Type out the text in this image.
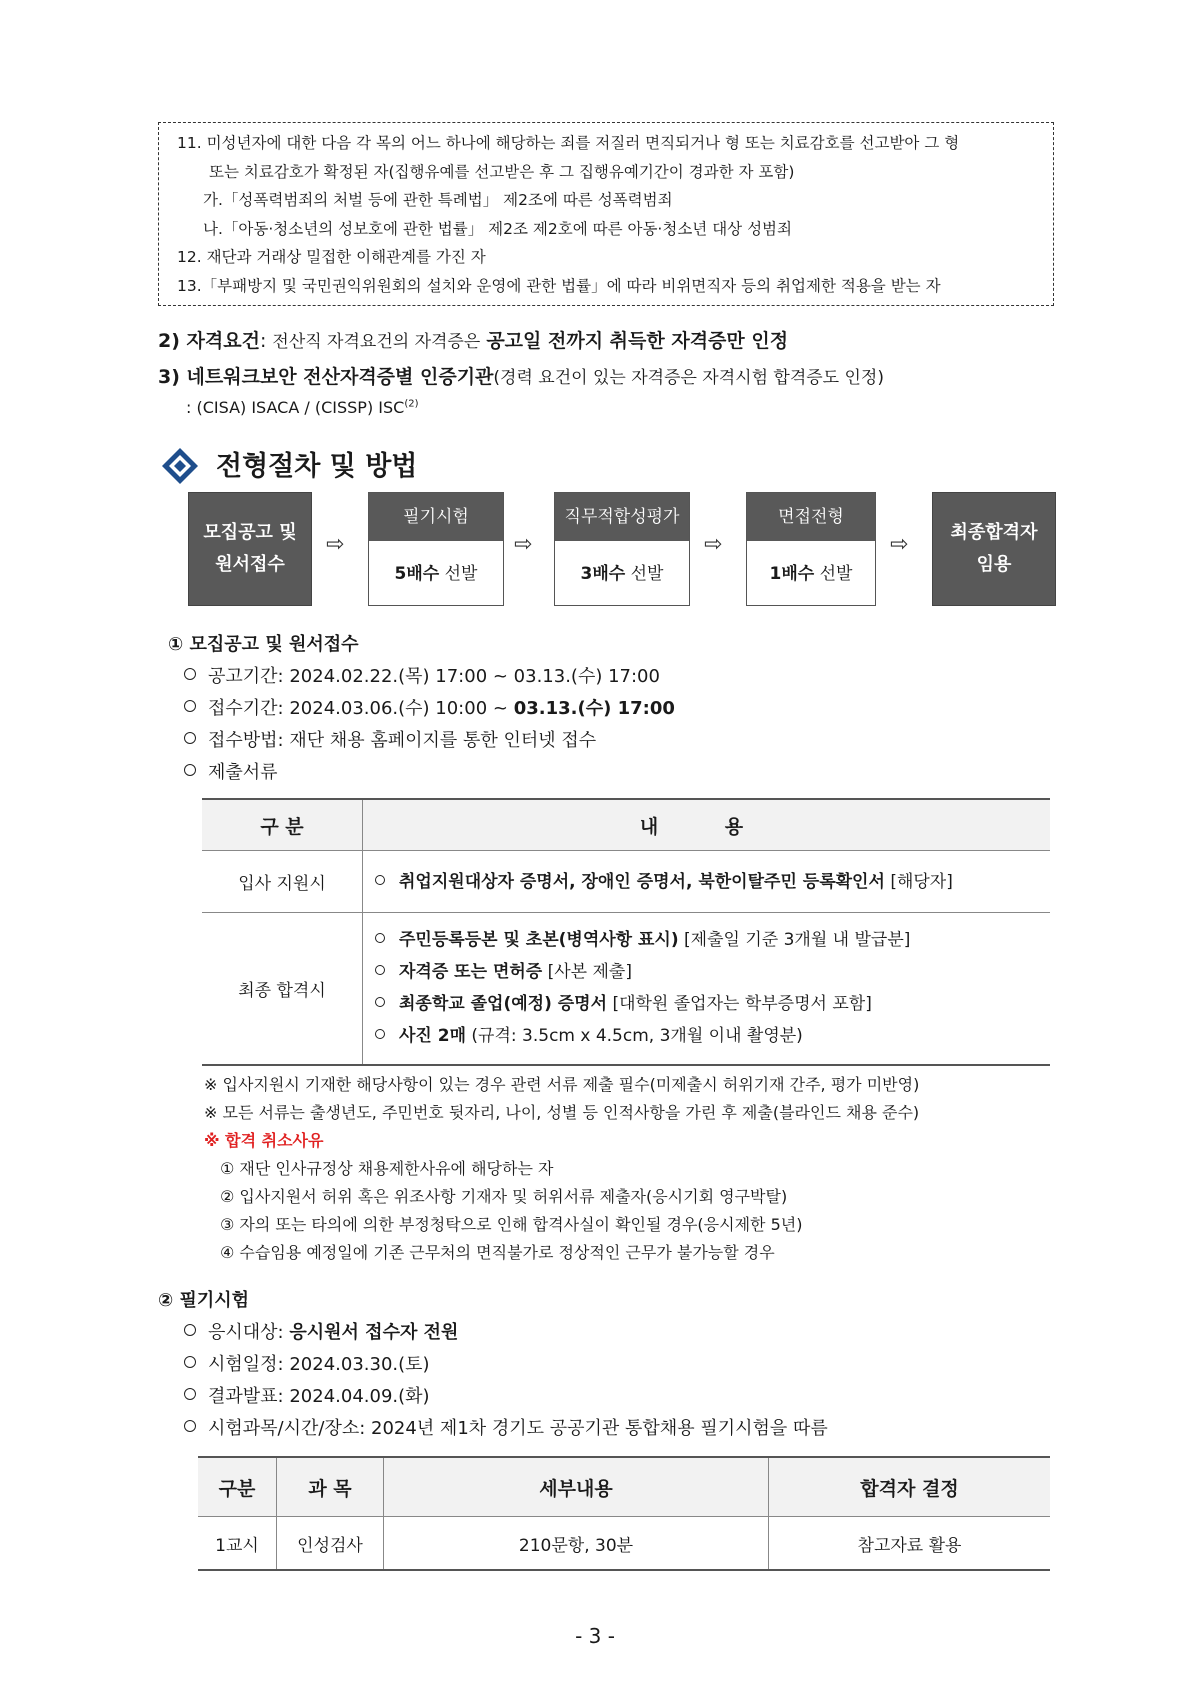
11. 미성년자에 대한 다음 각 목의 어느 하나에 해당하는 죄를 저질러 면직되거나 형 또는 치료감호를 선고받아 그 형
또는 치료감호가 확정된 자(집행유예를 선고받은 후 그 집행유예기간이 경과한 자 포함)
가.「성폭력범죄의 처벌 등에 관한 특례법」 제2조에 따른 성폭력범죄
나.「아동·청소년의 성보호에 관한 법률」 제2조 제2호에 따른 아동·청소년 대상 성범죄
12. 재단과 거래상 밀접한 이해관계를 가진 자
13.「부패방지 및 국민권익위원회의 설치와 운영에 관한 법률」에 따라 비위면직자 등의 취업제한 적용을 받는 자
2) 자격요건: 전산직 자격요건의 자격증은 공고일 전까지 취득한 자격증만 인정
3) 네트워크보안 전산자격증별 인증기관(경력 요건이 있는 자격증은 자격시험 합격증도 인정)
: (CISA) ISACA / (CISSP) ISC$^{(2)}$
전형절차 및 방법
모집공고 및
원서접수
⇨
필기시험
5배수 선발
⇨
직무적합성평가
3배수 선발
⇨
면접전형
1배수 선발
⇨	최종합격자
임용
① 모집공고 및 원서접수
공고기간: 2024.02.22.(목) 17:00 ~ 03.13.(수) 17:00
접수기간: 2024.03.06.(수) 10:00 ~ 03.13.(수) 17:00
접수방법: 재단 채용 홈페이지를 통한 인터넷 접수
제출서류
구 분	내 용
입사 지원시	취업지원대상자 증명서, 장애인 증명서, 북한이탈주민 등록확인서 [해당자]

최종 합격시	주민등록등본 및 초본(병역사항 표시) [제출일 기준 3개월 내 발급분]
자격증 또는 면허증 [사본 제출]
최종학교 졸업(예정) 증명서 [대학원 졸업자는 학부증명서 포함]
사진 2매 (규격: 3.5cm x 4.5cm, 3개월 이내 촬영분)
※ 입사지원시 기재한 해당사항이 있는 경우 관련 서류 제출 필수(미제출시 허위기재 간주, 평가 미반영)
※ 모든 서류는 출생년도, 주민번호 뒷자리, 나이, 성별 등 인적사항을 가린 후 제출(블라인드 채용 준수)
※ 합격 취소사유
① 재단 인사규정상 채용제한사유에 해당하는 자
② 입사지원서 허위 혹은 위조사항 기재자 및 허위서류 제출자(응시기회 영구박탈)
③ 자의 또는 타의에 의한 부정청탁으로 인해 합격사실이 확인될 경우(응시제한 5년)
④ 수습임용 예정일에 기존 근무처의 면직불가로 정상적인 근무가 불가능할 경우
② 필기시험
응시대상: 응시원서 접수자 전원
시험일정: 2024.03.30.(토)
결과발표: 2024.04.09.(화)
시험과목/시간/장소: 2024년 제1차 경기도 공공기관 통합채용 필기시험을 따름
구분	과 목	세부내용	합격자 결정
1교시	인성검사	210문항, 30분	참고자료 활용
- 3 -
